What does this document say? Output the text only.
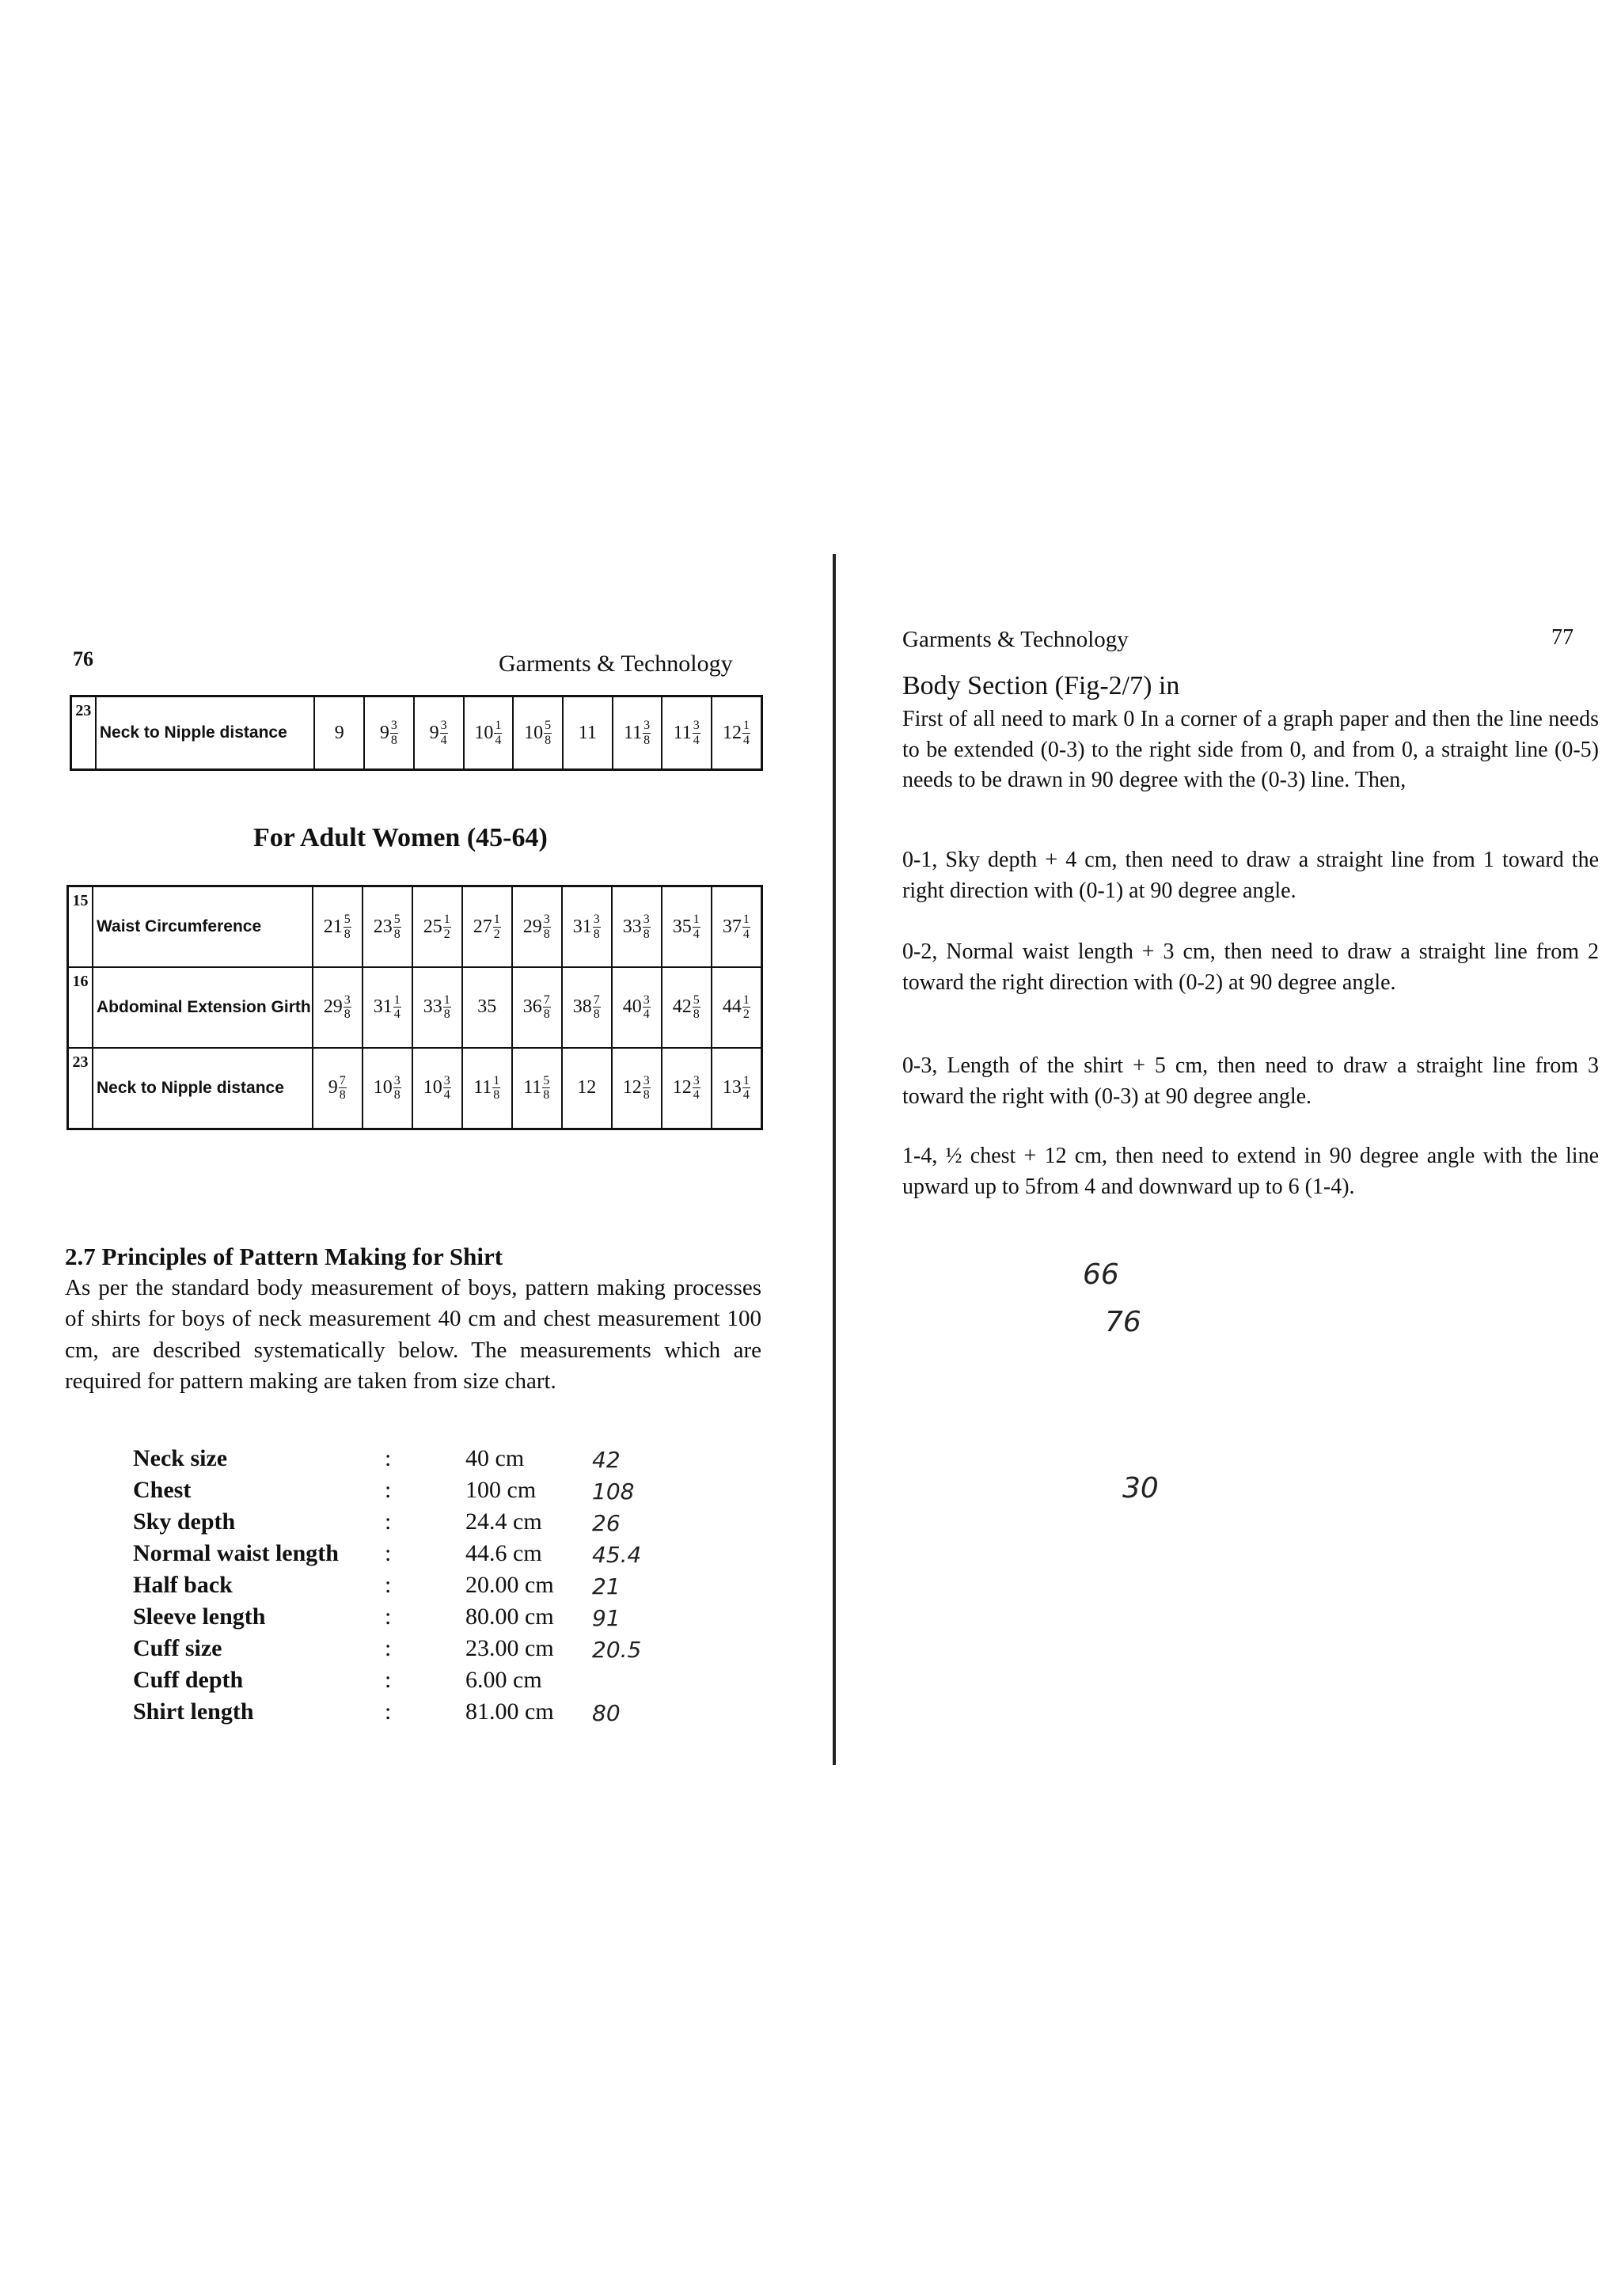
76	Garments & Technology
23	Neck to Nipple distance	9	$9 \frac{3}{8}$	$9 \frac{3}{4}$	$10 \frac{1}{4}$	$10 \frac{5}{8}$	11	$11 \frac{3}{8}$	$11 \frac{3}{4}$	$12 \frac{1}{4}$
For Adult Women (45-64)
15	Waist Circumference	$21 \frac{5}{8}$	$23 \frac{5}{8}$	$25 \frac{1}{2}$	$27 \frac{1}{2}$	$29 \frac{3}{8}$	$31 \frac{3}{8}$	$33 \frac{3}{8}$	$35 \frac{1}{4}$	$37 \frac{1}{4}$

16	Abdominal Extension Girth	$29 \frac{3}{8}$	$31 \frac{1}{4}$	$33 \frac{1}{8}$	35	$36 \frac{7}{8}$	$38 \frac{7}{8}$	$40 \frac{3}{4}$	$42 \frac{5}{8}$	$44 \frac{1}{2}$

23	Neck to Nipple distance	$9 \frac{7}{8}$	$10 \frac{3}{8}$	$10 \frac{3}{4}$	$11 \frac{1}{8}$	$11 \frac{5}{8}$	12	$12 \frac{3}{8}$	$12 \frac{3}{4}$	$13 \frac{1}{4}$
2.7 Principles of Pattern Making for Shirt
As per the standard body measurement of boys, pattern making processes of shirts for boys of neck measurement 40 cm and chest measurement 100 cm, are described systematically below. The measurements which are required for pattern making are taken from size chart.
Neck size	:	40 cm	42
Chest	:	100 cm	108
Sky depth	:	24.4 cm 26
Normal waist length :	44.6 cm 45.4
Half back	:	20.00 cm 21
Sleeve length	:	80.00 cm 91
Cuff size	:	23.00 cm 20.5
Cuff depth	:	6.00 cm
Shirt length	:	81.00 cm 80
Garments & Technology	77
Body Section (Fig-2/7) in
First of all need to mark 0 In a corner of a graph paper and then the line needs to be extended (0-3) to the right side from 0, and from 0, a straight line (0-5) needs to be drawn in 90 degree with the (0-3) line. Then,
0-1, Sky depth + 4 cm, then need to draw a straight line from 1 toward the right direction with (0-1) at 90 degree angle.
0-2, Normal waist length + 3 cm, then need to draw a straight line from 2 toward the right direction with (0-2) at 90 degree angle.
0-3, Length of the shirt + 5 cm, then need to draw a straight line from 3 toward the right with (0-3) at 90 degree angle.
1-4, ½ chest + 12 cm, then need to extend in 90 degree angle with the line upward up to 5from 4 and downward up to 6 (1-4).
66
76
30
